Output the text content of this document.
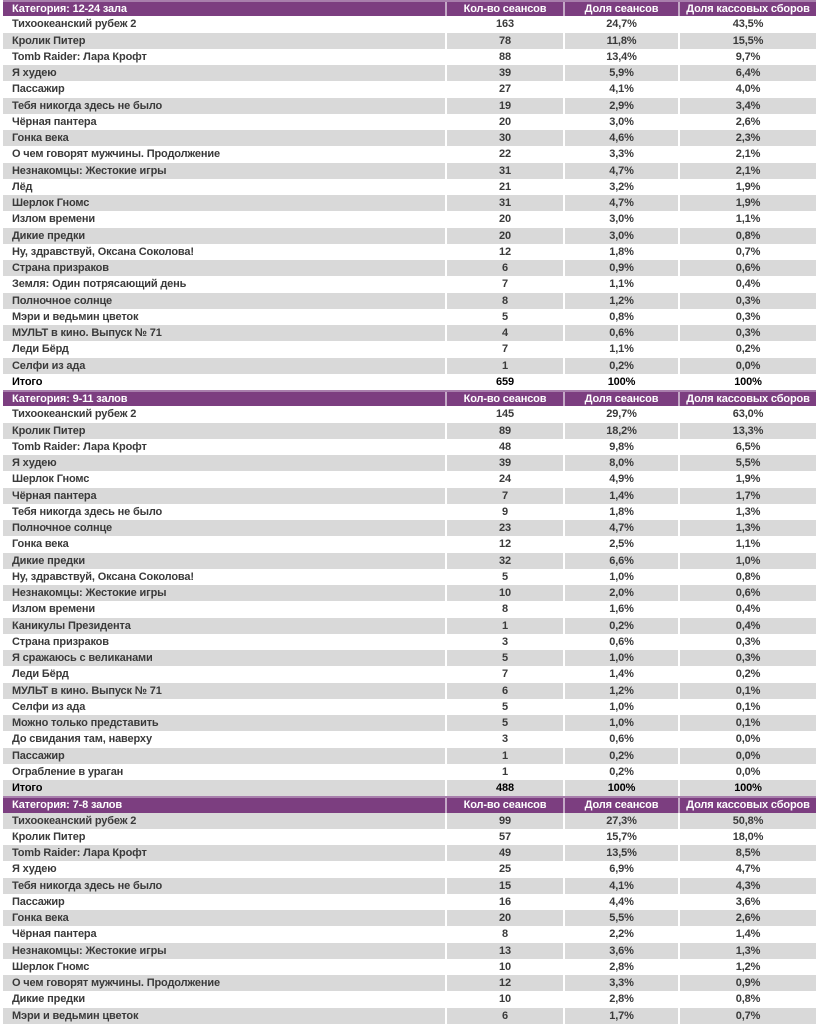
Категория: 12-24 зала	Кол-во сеансов	Доля сеансов	Доля кассовых сборов
Тихоокеанский рубеж 2	163	24,7%	43,5%
Кролик Питер	78	11,8%	15,5%
Tomb Raider: Лара Крофт	88	13,4%	9,7%
Я худею	39	5,9%	6,4%
Пассажир	27	4,1%	4,0%
Тебя никогда здесь не было	19	2,9%	3,4%
Чёрная пантера	20	3,0%	2,6%
Гонка века	30	4,6%	2,3%
О чем говорят мужчины. Продолжение	22	3,3%	2,1%
Незнакомцы: Жестокие игры	31	4,7%	2,1%
Лёд	21	3,2%	1,9%
Шерлок Гномс	31	4,7%	1,9%
Излом времени	20	3,0%	1,1%
Дикие предки	20	3,0%	0,8%
Ну, здравствуй, Оксана Соколова!	12	1,8%	0,7%
Страна призраков	6	0,9%	0,6%
Земля: Один потрясающий день	7	1,1%	0,4%
Полночное солнце	8	1,2%	0,3%
Мэри и ведьмин цветок	5	0,8%	0,3%
МУЛЬТ в кино. Выпуск № 71	4	0,6%	0,3%
Леди Бёрд	7	1,1%	0,2%
Селфи из ада	1	0,2%	0,0%
Итого	659	100%	100%
Категория: 9-11 залов	Кол-во сеансов	Доля сеансов	Доля кассовых сборов
Тихоокеанский рубеж 2	145	29,7%	63,0%
Кролик Питер	89	18,2%	13,3%
Tomb Raider: Лара Крофт	48	9,8%	6,5%
Я худею	39	8,0%	5,5%
Шерлок Гномс	24	4,9%	1,9%
Чёрная пантера	7	1,4%	1,7%
Тебя никогда здесь не было	9	1,8%	1,3%
Полночное солнце	23	4,7%	1,3%
Гонка века	12	2,5%	1,1%
Дикие предки	32	6,6%	1,0%
Ну, здравствуй, Оксана Соколова!	5	1,0%	0,8%
Незнакомцы: Жестокие игры	10	2,0%	0,6%
Излом времени	8	1,6%	0,4%
Каникулы Президента	1	0,2%	0,4%
Страна призраков	3	0,6%	0,3%
Я сражаюсь с великанами	5	1,0%	0,3%
Леди Бёрд	7	1,4%	0,2%
МУЛЬТ в кино. Выпуск № 71	6	1,2%	0,1%
Селфи из ада	5	1,0%	0,1%
Можно только представить	5	1,0%	0,1%
До свидания там, наверху	3	0,6%	0,0%
Пассажир	1	0,2%	0,0%
Ограбление в ураган	1	0,2%	0,0%
Итого	488	100%	100%
Категория: 7-8 залов	Кол-во сеансов	Доля сеансов	Доля кассовых сборов
Тихоокеанский рубеж 2	99	27,3%	50,8%
Кролик Питер	57	15,7%	18,0%
Tomb Raider: Лара Крофт	49	13,5%	8,5%
Я худею	25	6,9%	4,7%
Тебя никогда здесь не было	15	4,1%	4,3%
Пассажир	16	4,4%	3,6%
Гонка века	20	5,5%	2,6%
Чёрная пантера	8	2,2%	1,4%
Незнакомцы: Жестокие игры	13	3,6%	1,3%
Шерлок Гномс	10	2,8%	1,2%
О чем говорят мужчины. Продолжение	12	3,3%	0,9%
Дикие предки	10	2,8%	0,8%
Мэри и ведьмин цветок	6	1,7%	0,7%
